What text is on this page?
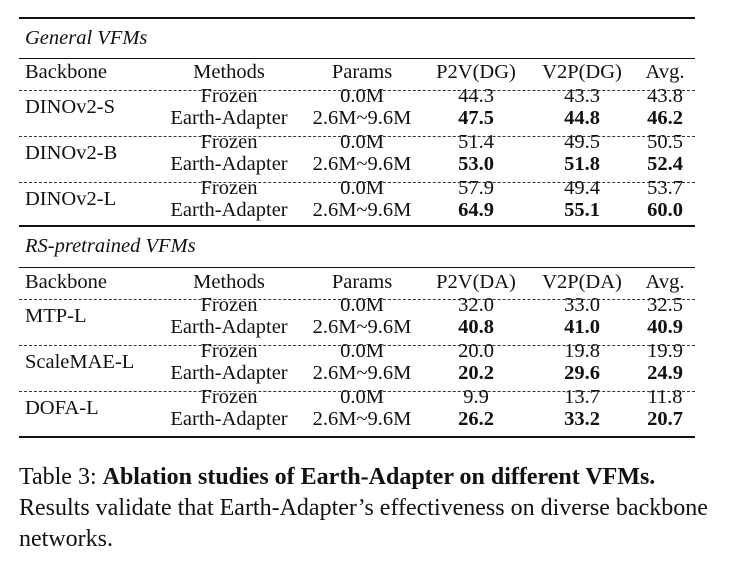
General VFMs
Backbone	Methods	Params P2V(DG) V2P(DG) Avg.
DINOv2-S	Frozen	0.0M	44.3	43.3 43.8
Earth-Adapter 2.6M~9.6M 47.5	44.8 46.2
DINOv2-B	Frozen	0.0M	51.4	49.5 50.5
Earth-Adapter 2.6M~9.6M 53.0	51.8 52.4
DINOv2-L	Frozen	0.0M	57.9	49.4 53.7
Earth-Adapter 2.6M~9.6M 64.9	55.1 60.0
RS-pretrained VFMs
Backbone	Methods	Params P2V(DA) V2P(DA) Avg.
MTP-L	Frozen	0.0M	32.0	33.0 32.5
Earth-Adapter 2.6M~9.6M 40.8	41.0 40.9
ScaleMAE-L	Frozen	0.0M	20.0	19.8 19.9
Earth-Adapter 2.6M~9.6M 20.2	29.6 24.9
DOFA-L	Frozen	0.0M	9.9	13.7 11.8
Earth-Adapter 2.6M~9.6M 26.2	33.2 20.7
Table 3: Ablation studies of Earth-Adapter on different VFMs. Results validate that Earth-Adapter’s effectiveness on diverse backbone networks.
